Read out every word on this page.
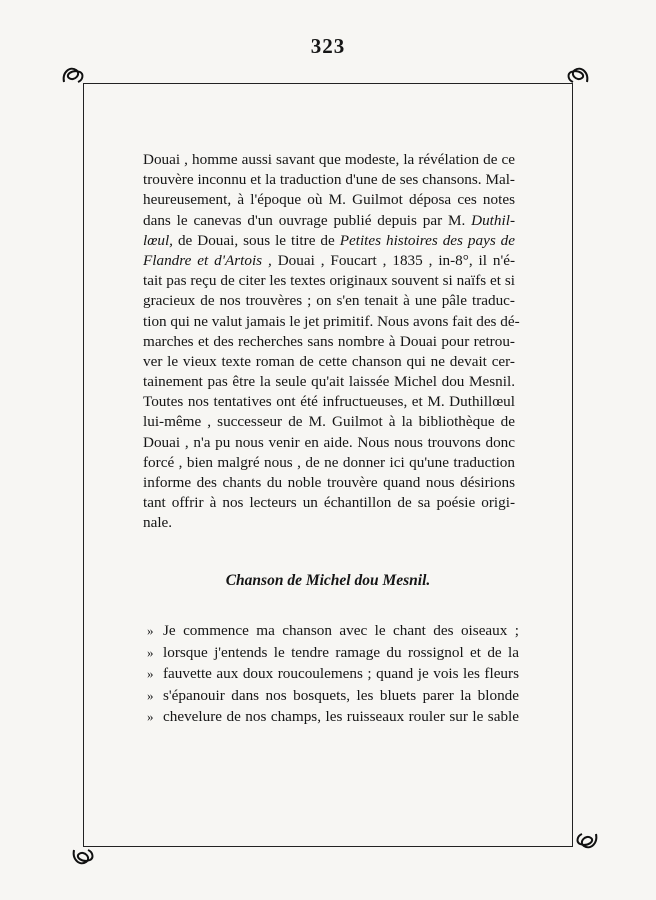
323
Douai , homme aussi savant que modeste, la révélation de ce
trouvère inconnu et la traduction d'une de ses chansons. Mal-
heureusement, à l'époque où M. Guilmot déposa ces notes
dans le canevas d'un ouvrage publié depuis par M. Duthil-
lœul, de Douai, sous le titre de Petites histoires des pays de
Flandre et d'Artois , Douai , Foucart , 1835 , in-8°, il n'é-
tait pas reçu de citer les textes originaux souvent si naïfs et si
gracieux de nos trouvères ; on s'en tenait à une pâle traduc-
tion qui ne valut jamais le jet primitif. Nous avons fait des dé-
marches et des recherches sans nombre à Douai pour retrou-
ver le vieux texte roman de cette chanson qui ne devait cer-
tainement pas être la seule qu'ait laissée Michel dou Mesnil.
Toutes nos tentatives ont été infructueuses, et M. Duthillœul
lui-même , successeur de M. Guilmot à la bibliothèque de
Douai , n'a pu nous venir en aide. Nous nous trouvons donc
forcé , bien malgré nous , de ne donner ici qu'une traduction
informe des chants du noble trouvère quand nous désirions
tant offrir à nos lecteurs un échantillon de sa poésie origi-
nale.
Chanson de Michel dou Mesnil.
» Je commence ma chanson avec le chant des oiseaux ;
» lorsque j'entends le tendre ramage du rossignol et de la
» fauvette aux doux roucoulemens ; quand je vois les fleurs
» s'épanouir dans nos bosquets, les bluets parer la blonde
» chevelure de nos champs, les ruisseaux rouler sur le sable
